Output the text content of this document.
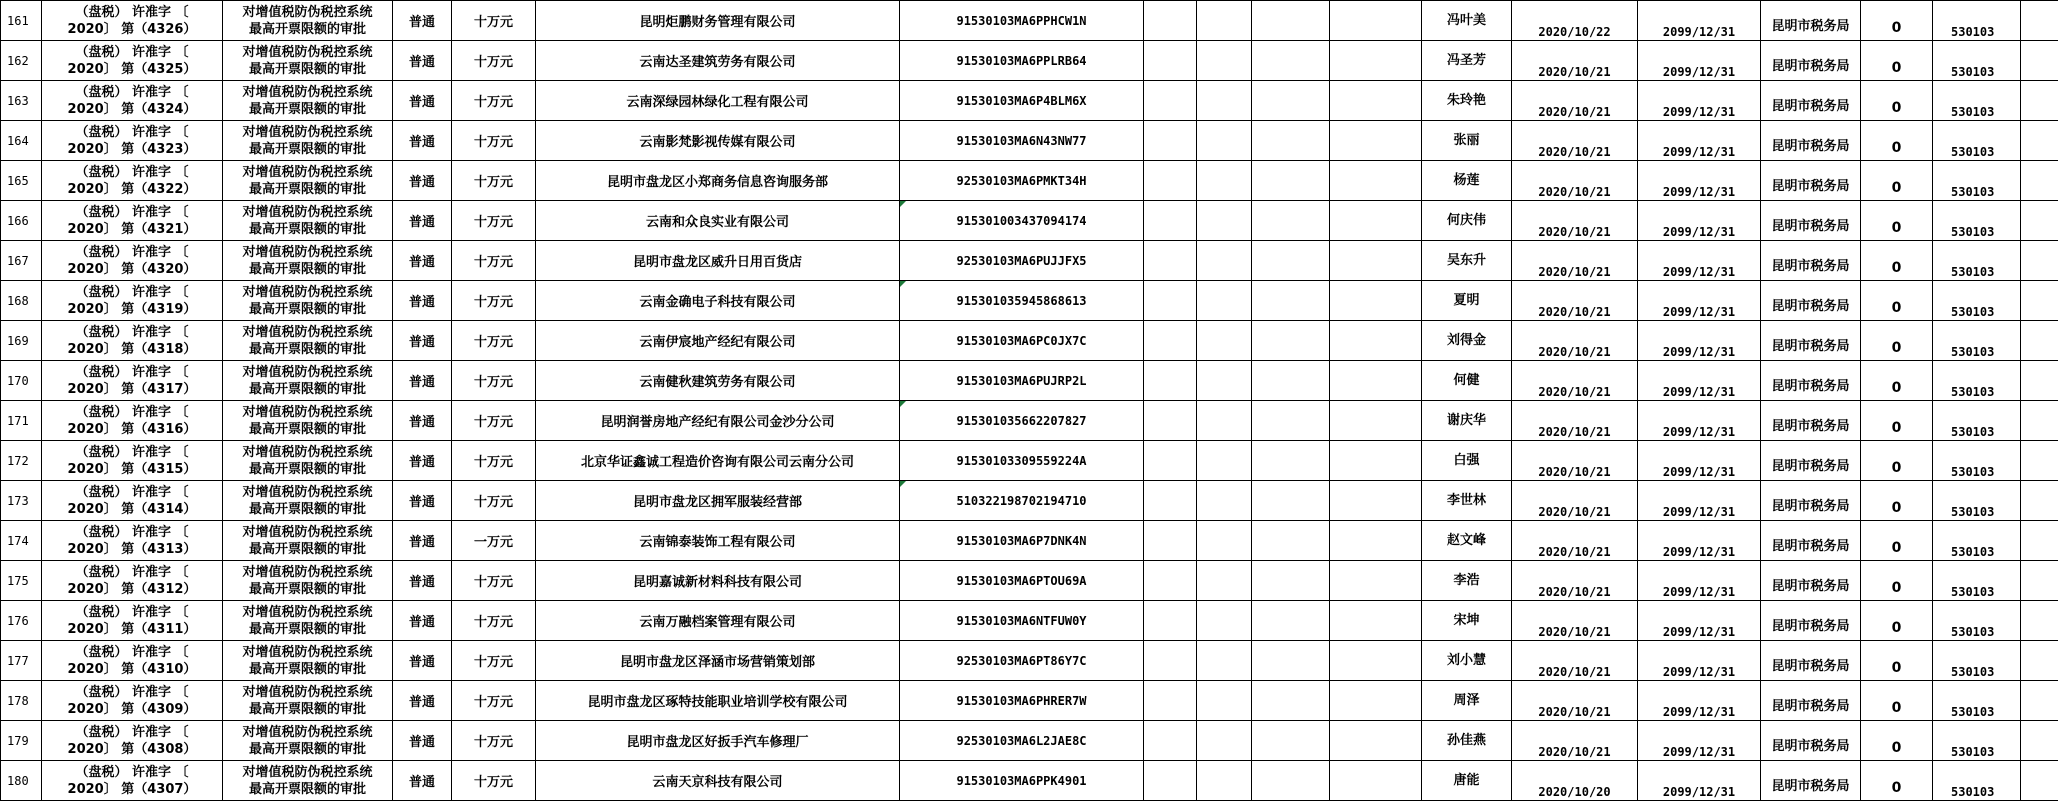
161	（盘税） 许准字 〔
2020〕 第（4326）	对增值税防伪税控系统
最高开票限额的审批	普通	十万元	昆明炬鹏财务管理有限公司	91530103MA6PPHCW1N					冯叶美	2020/10/22	2099/12/31	昆明市税务局	0	530103	
162	（盘税） 许准字 〔
2020〕 第（4325）	对增值税防伪税控系统
最高开票限额的审批	普通	十万元	云南达圣建筑劳务有限公司	91530103MA6PPLRB64					冯圣芳	2020/10/21	2099/12/31	昆明市税务局	0	530103	
163	（盘税） 许准字 〔
2020〕 第（4324）	对增值税防伪税控系统
最高开票限额的审批	普通	十万元	云南深绿园林绿化工程有限公司	91530103MA6P4BLM6X					朱玲艳	2020/10/21	2099/12/31	昆明市税务局	0	530103	
164	（盘税） 许准字 〔
2020〕 第（4323）	对增值税防伪税控系统
最高开票限额的审批	普通	十万元	云南影梵影视传媒有限公司	91530103MA6N43NW77					张丽	2020/10/21	2099/12/31	昆明市税务局	0	530103	
165	（盘税） 许准字 〔
2020〕 第（4322）	对增值税防伪税控系统
最高开票限额的审批	普通	十万元	昆明市盘龙区小郑商务信息咨询服务部	92530103MA6PMKT34H					杨莲	2020/10/21	2099/12/31	昆明市税务局	0	530103	
166	（盘税） 许准字 〔
2020〕 第（4321）	对增值税防伪税控系统
最高开票限额的审批	普通	十万元	云南和众良实业有限公司	915301003437094174					何庆伟	2020/10/21	2099/12/31	昆明市税务局	0	530103	
167	（盘税） 许准字 〔
2020〕 第（4320）	对增值税防伪税控系统
最高开票限额的审批	普通	十万元	昆明市盘龙区威升日用百货店	92530103MA6PUJJFX5					吴东升	2020/10/21	2099/12/31	昆明市税务局	0	530103	
168	（盘税） 许准字 〔
2020〕 第（4319）	对增值税防伪税控系统
最高开票限额的审批	普通	十万元	云南金确电子科技有限公司	915301035945868613					夏明	2020/10/21	2099/12/31	昆明市税务局	0	530103	
169	（盘税） 许准字 〔
2020〕 第（4318）	对增值税防伪税控系统
最高开票限额的审批	普通	十万元	云南伊宸地产经纪有限公司	91530103MA6PC0JX7C					刘得金	2020/10/21	2099/12/31	昆明市税务局	0	530103	
170	（盘税） 许准字 〔
2020〕 第（4317）	对增值税防伪税控系统
最高开票限额的审批	普通	十万元	云南健秋建筑劳务有限公司	91530103MA6PUJRP2L					何健	2020/10/21	2099/12/31	昆明市税务局	0	530103	
171	（盘税） 许准字 〔
2020〕 第（4316）	对增值税防伪税控系统
最高开票限额的审批	普通	十万元	昆明润誉房地产经纪有限公司金沙分公司	915301035662207827					谢庆华	2020/10/21	2099/12/31	昆明市税务局	0	530103	
172	（盘税） 许准字 〔
2020〕 第（4315）	对增值税防伪税控系统
最高开票限额的审批	普通	十万元	北京华证鑫诚工程造价咨询有限公司云南分公司	91530103309559224A					白强	2020/10/21	2099/12/31	昆明市税务局	0	530103	
173	（盘税） 许准字 〔
2020〕 第（4314）	对增值税防伪税控系统
最高开票限额的审批	普通	十万元	昆明市盘龙区拥军服装经营部	510322198702194710					李世林	2020/10/21	2099/12/31	昆明市税务局	0	530103	
174	（盘税） 许准字 〔
2020〕 第（4313）	对增值税防伪税控系统
最高开票限额的审批	普通	一万元	云南锦泰装饰工程有限公司	91530103MA6P7DNK4N					赵文峰	2020/10/21	2099/12/31	昆明市税务局	0	530103	
175	（盘税） 许准字 〔
2020〕 第（4312）	对增值税防伪税控系统
最高开票限额的审批	普通	十万元	昆明嘉诚新材料科技有限公司	91530103MA6PTOU69A					李浩	2020/10/21	2099/12/31	昆明市税务局	0	530103	
176	（盘税） 许准字 〔
2020〕 第（4311）	对增值税防伪税控系统
最高开票限额的审批	普通	十万元	云南万融档案管理有限公司	91530103MA6NTFUW0Y					宋坤	2020/10/21	2099/12/31	昆明市税务局	0	530103	
177	（盘税） 许准字 〔
2020〕 第（4310）	对增值税防伪税控系统
最高开票限额的审批	普通	十万元	昆明市盘龙区泽涵市场营销策划部	92530103MA6PT86Y7C					刘小慧	2020/10/21	2099/12/31	昆明市税务局	0	530103	
178	（盘税） 许准字 〔
2020〕 第（4309）	对增值税防伪税控系统
最高开票限额的审批	普通	十万元	昆明市盘龙区琢特技能职业培训学校有限公司	91530103MA6PHRER7W					周泽	2020/10/21	2099/12/31	昆明市税务局	0	530103	
179	（盘税） 许准字 〔
2020〕 第（4308）	对增值税防伪税控系统
最高开票限额的审批	普通	十万元	昆明市盘龙区好扳手汽车修理厂	92530103MA6L2JAE8C					孙佳燕	2020/10/21	2099/12/31	昆明市税务局	0	530103	
180	（盘税） 许准字 〔
2020〕 第（4307）	对增值税防伪税控系统
最高开票限额的审批	普通	十万元	云南天京科技有限公司	91530103MA6PPK4901					唐能	2020/10/20	2099/12/31	昆明市税务局	0	530103	
